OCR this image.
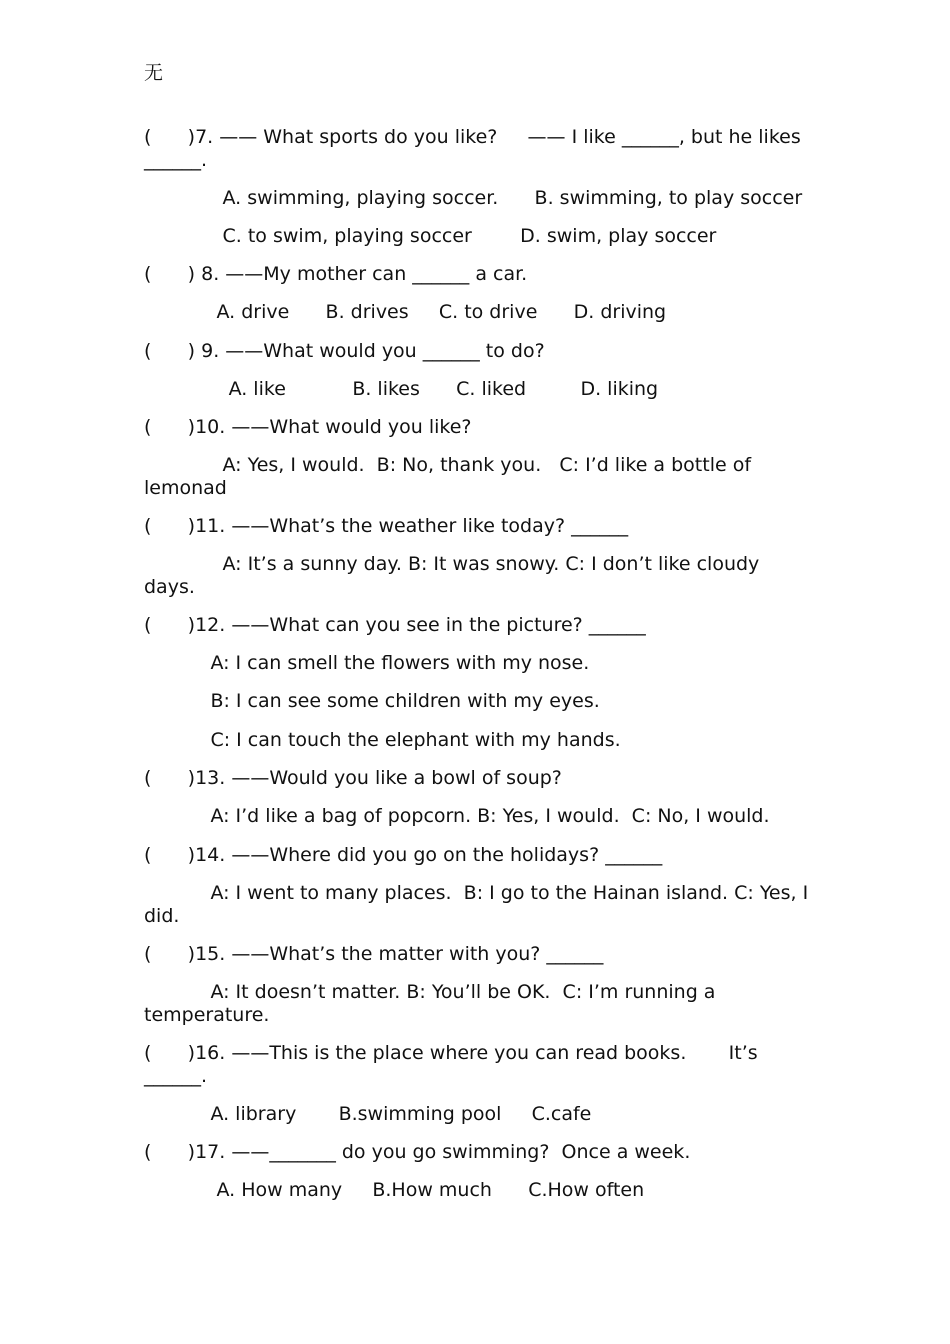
无
(      )7. —— What sports do you like?     —— I like ______, but he likes ______.
A. swimming, playing soccer.      B. swimming, to play soccer
C. to swim, playing soccer        D. swim, play soccer
(      ) 8. ——My mother can ______ a car.
A. drive      B. drives     C. to drive      D. driving
(      ) 9. ——What would you ______ to do?
A. like           B. likes      C. liked         D. liking
(      )10. ——What would you like?
A: Yes, I would.  B: No, thank you.   C: I’d like a bottle of lemonad
(      )11. ——What’s the weather like today? ______
A: It’s a sunny day. B: It was snowy. C: I don’t like cloudy days.
(      )12. ——What can you see in the picture? ______
A: I can smell the flowers with my nose.
B: I can see some children with my eyes.
C: I can touch the elephant with my hands.
(      )13. ——Would you like a bowl of soup?
A: I’d like a bag of popcorn. B: Yes, I would.  C: No, I would.
(      )14. ——Where did you go on the holidays? ______
A: I went to many places.  B: I go to the Hainan island. C: Yes, I did.
(      )15. ——What’s the matter with you? ______
A: It doesn’t matter. B: You’ll be OK.  C: I’m running a temperature.
(      )16. ——This is the place where you can read books.       It’s ______.
A. library       B.swimming pool     C.cafe
(      )17. ——_______ do you go swimming?  Once a week.
A. How many     B.How much      C.How often
